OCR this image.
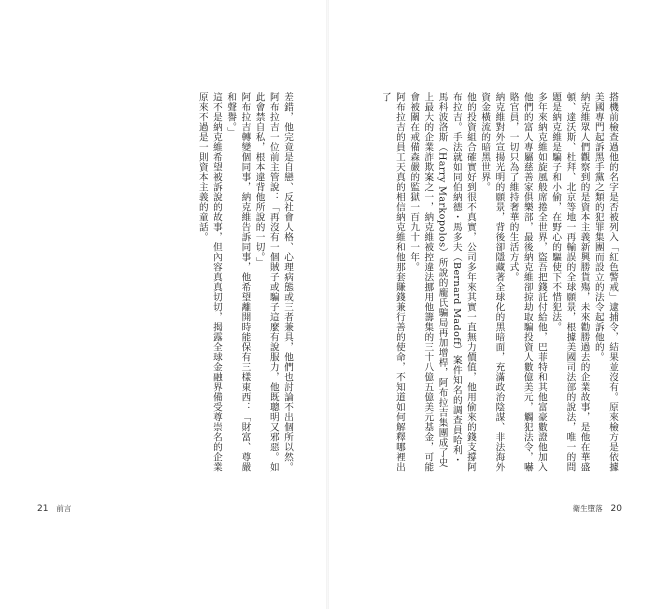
差錯，他完竟是自戀、反社會人格、心理病態或三者兼具，他們也討論不出個所以然。

阿布拉吉一位前主管說：「再沒有一個賊子或騙子這麼有說服力，他既聰明又邪惡。如此會禁自私，根本違背他所說的一切。」

阿布拉吉轉變個同事，納克維告訴同事，他希望離開時能保有三樣東西：「財富、尊嚴和聲譽。」

這不是納克維希望被訴說的故事，但內容真真切切，揭露全球金融界備受尊崇名的企業原來不過是一則資本主義的童話。

21 前言

搭機前檢查過他的名字是否被列入「紅色警戒」逮捕令，結果並沒有。原來檢方是依據美國專門起訴黑手黨之類的犯罪集團而設立的法令起訴他的。

納克維眾人們觀察到的是資本主義新興勝貨殤，未來勸勝過去的企業故事，是他在華盛頓、達沃斯、杜拜、北京等地一再輸誤的全球願景，根據美國司法部的說法，唯一的問題是納克維是騙子和小偷，在野心的驅使下不惜犯法。

多年來納克維如旋風般席捲全世界，盜吾把錢託付給他，巴菲特和其他富豪數證他加入他們的富人專屬慈善家俱樂部，最後納克維卻掠劫取騙投資人數億美元，觸犯法令，嚇賂官員，一切只為了維持奢華的生活方式。

納克維對外宣揚光明的願景，背後卻隱藏著全球化的黑暗面，充滿政治陰謀、非法海外資金橫流的暗黑世界。

他的投資組合確實好到很不真實，公司多年來其實一直無力價值，他用偷來的錢支撐阿布拉吉。手法就如同伯納德・馬多夫（Bernard Madoff）案件知名的調查員哈利・馬科波洛斯（Harry Markopolos）所說的龐氏騙局再加增桿，阿布拉吉集團成了史上最大的企業詐欺案之一，納克維被控違法挪用他籌集的三十八億五億美元基金，可能會被關在戒備森嚴的監獄一百九十一年。

阿布拉吉的員工天真的相信納克維和他那套賺錢兼行善的使命，不知道如何解釋哪裡出了

衛生墮落 20
